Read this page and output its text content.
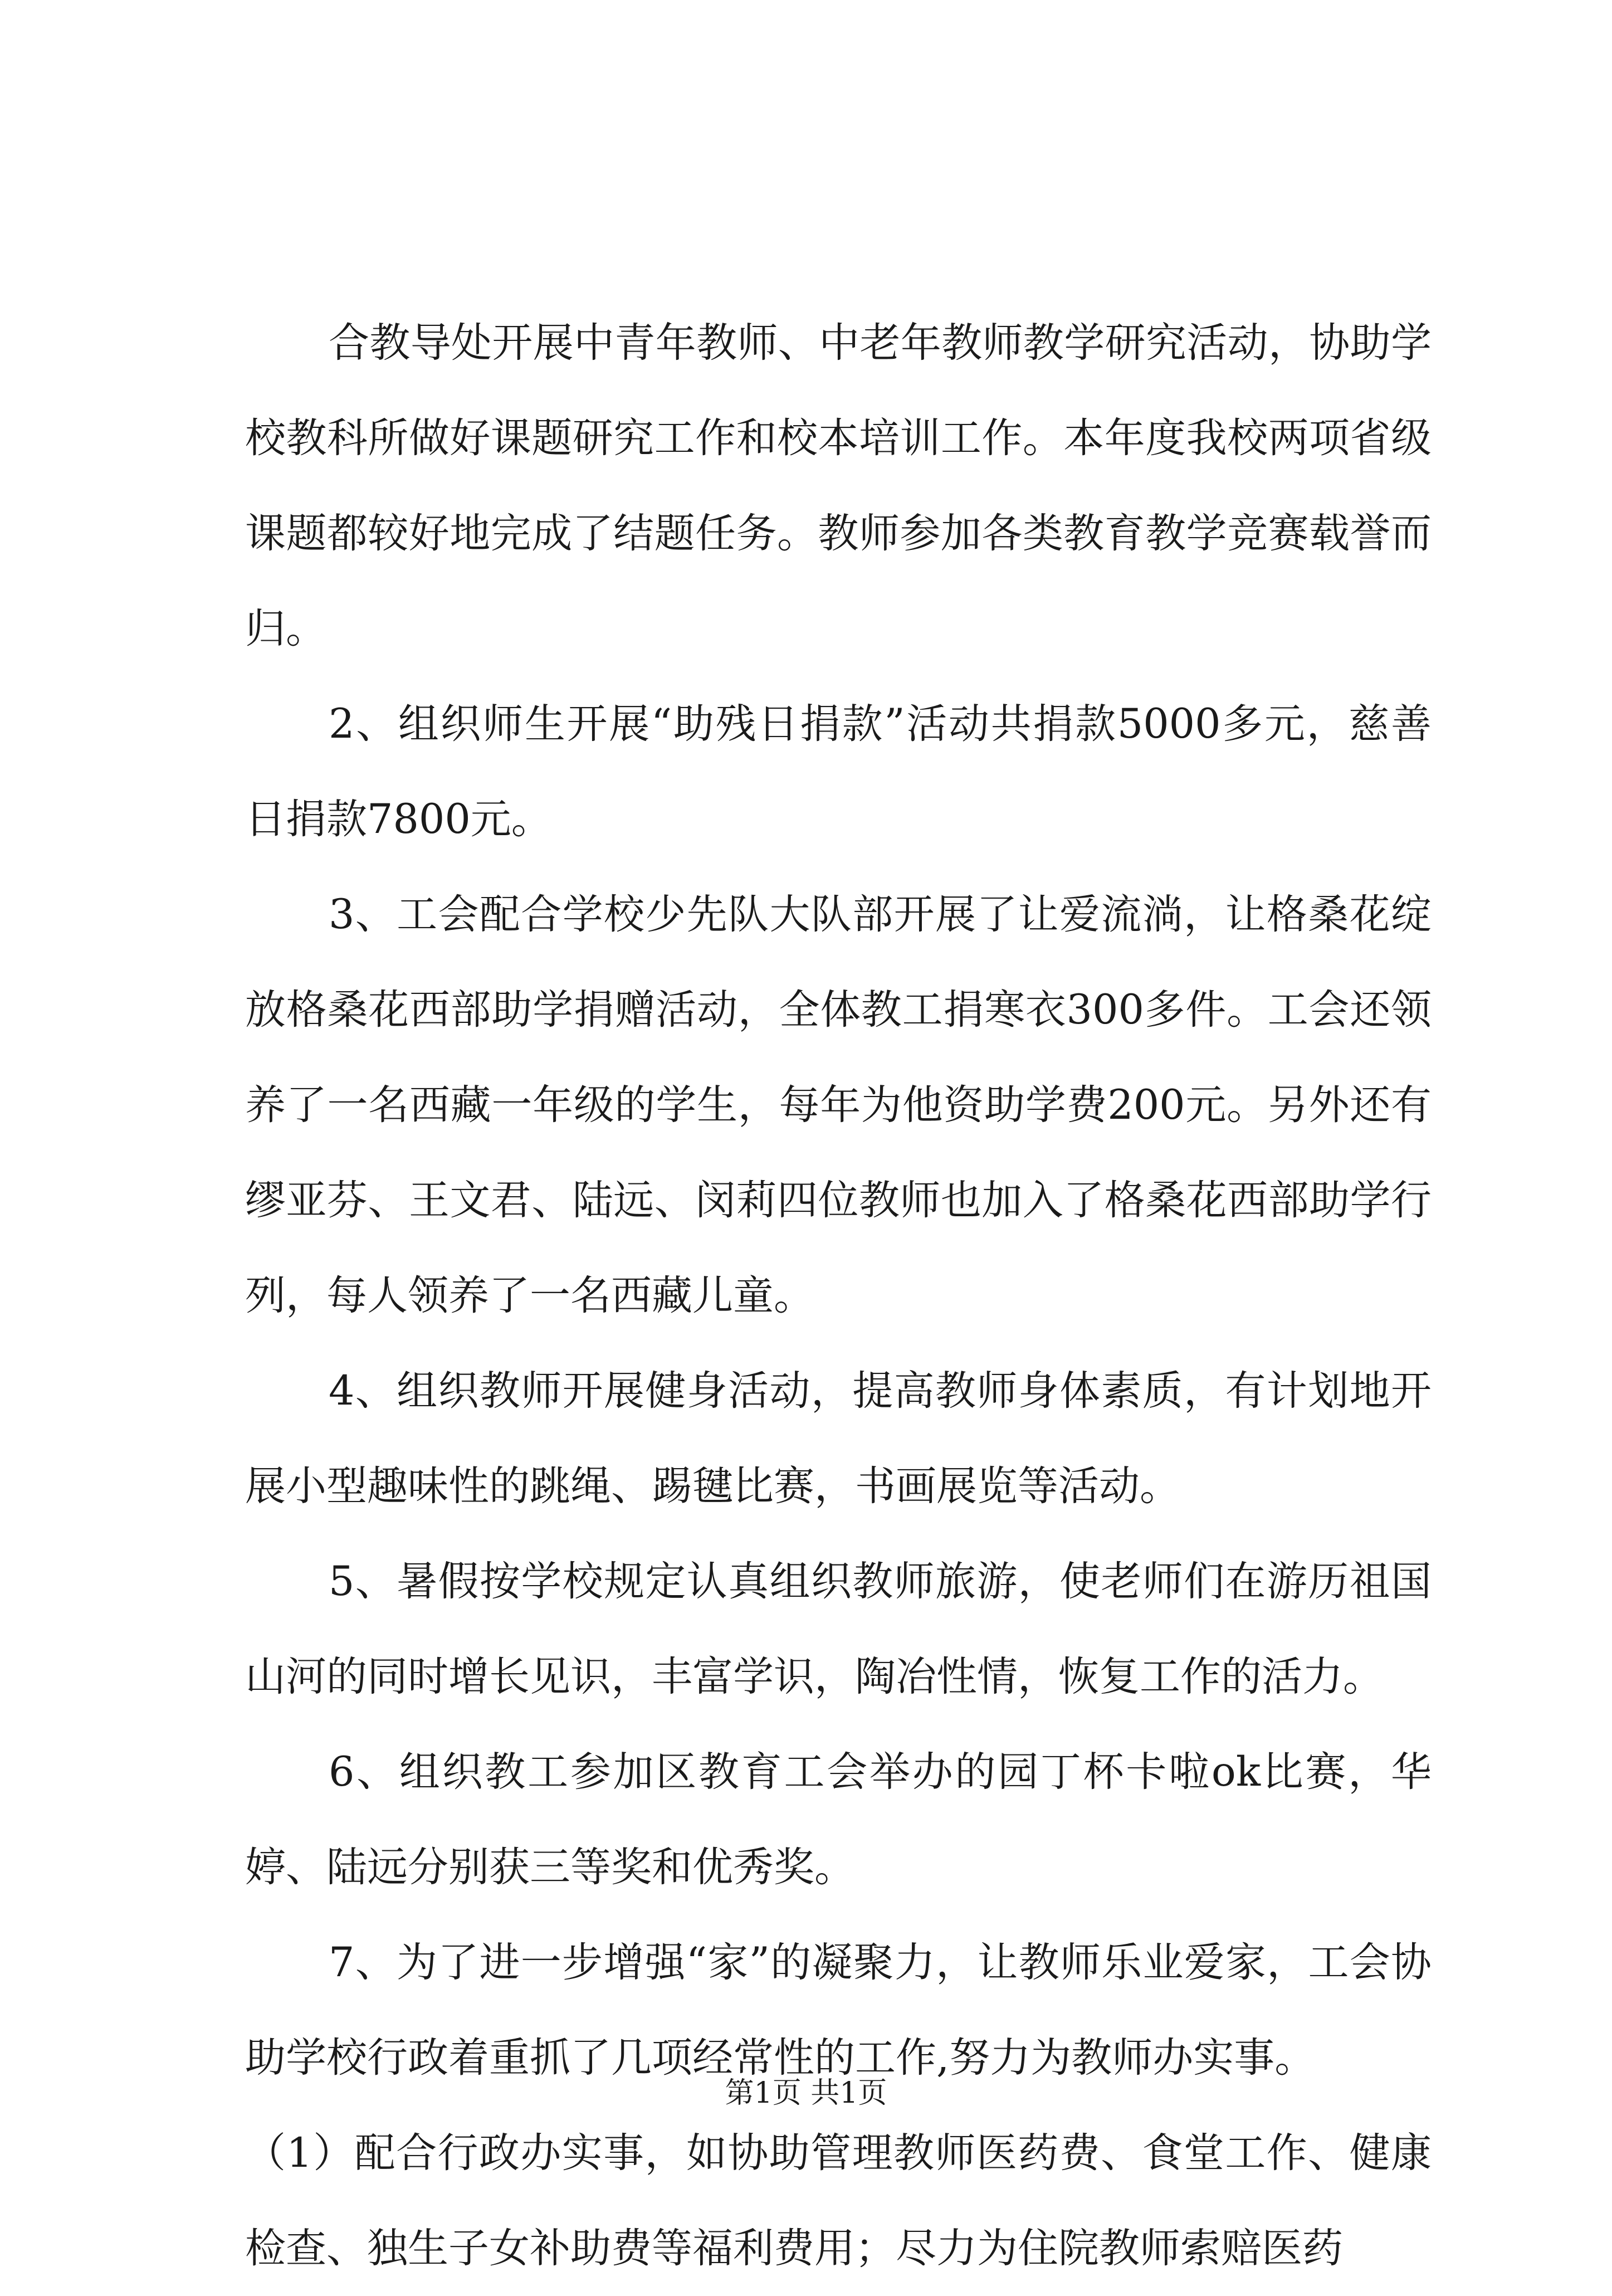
合教导处开展中青年教师、中老年教师教学研究活动，协助学校教科所做好课题研究工作和校本培训工作。本年度我校两项省级课题都较好地完成了结题任务。教师参加各类教育教学竞赛载誉而归。

2、组织师生开展“助残日捐款”活动共捐款5000多元，慈善日捐款7800元。

3、工会配合学校少先队大队部开展了让爱流淌，让格桑花绽放格桑花西部助学捐赠活动，全体教工捐寒衣300多件。工会还领养了一名西藏一年级的学生，每年为他资助学费200元。另外还有缪亚芬、王文君、陆远、闵莉四位教师也加入了格桑花西部助学行列，每人领养了一名西藏儿童。

4、组织教师开展健身活动，提高教师身体素质，有计划地开展小型趣味性的跳绳、踢毽比赛，书画展览等活动。

5、暑假按学校规定认真组织教师旅游，使老师们在游历祖国山河的同时增长见识，丰富学识，陶冶性情，恢复工作的活力。

6、组织教工参加区教育工会举办的园丁杯卡啦ok比赛，华婷、陆远分别获三等奖和优秀奖。

7、为了进一步增强“家”的凝聚力，让教师乐业爱家，工会协助学校行政着重抓了几项经常性的工作,努力为教师办实事。

（1）配合行政办实事，如协助管理教师医药费、食堂工作、健康检查、独生子女补助费等福利费用；尽力为住院教师索赔医药

第1页 共1页
